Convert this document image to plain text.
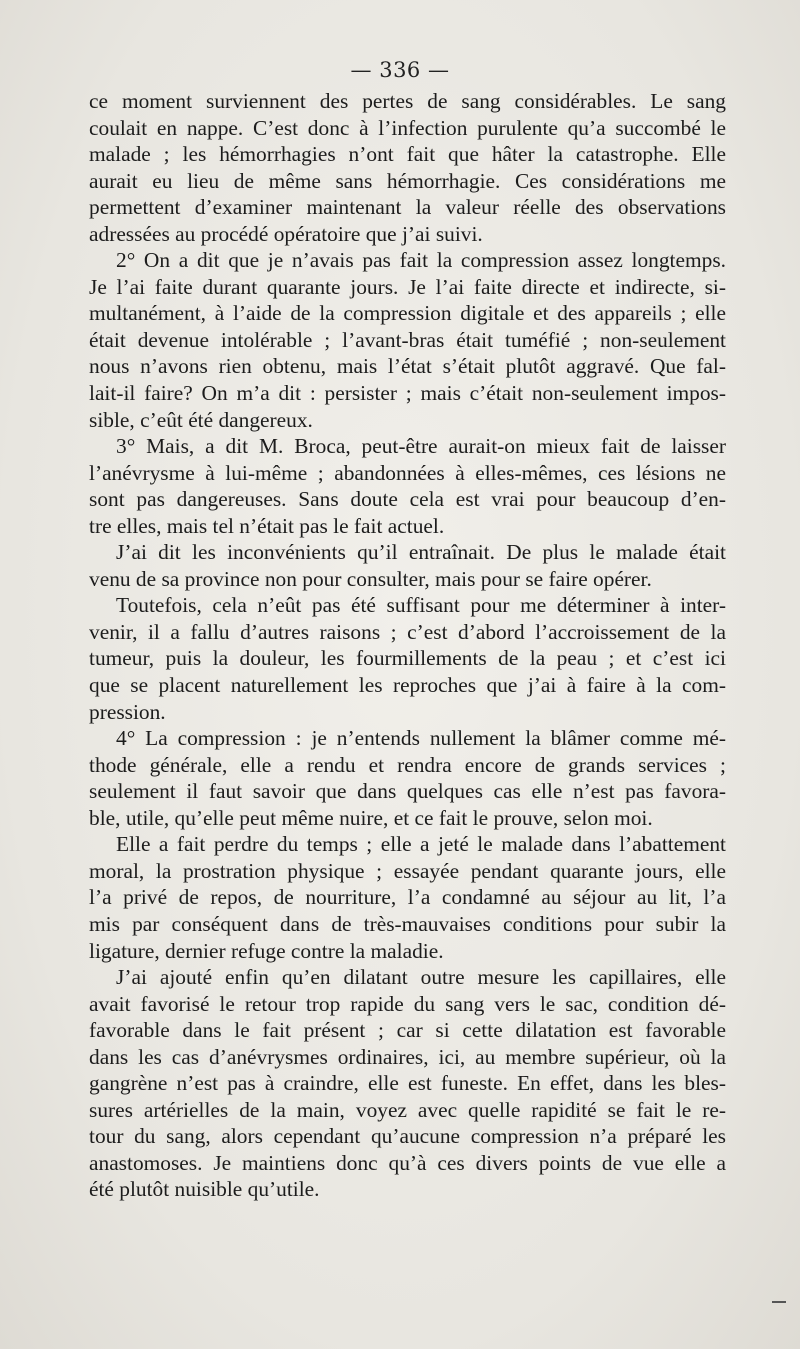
— 336 —
ce moment surviennent des pertes de sang considérables. Le sang
coulait en nappe. C’est donc à l’infection purulente qu’a succombé le
malade ; les hémorrhagies n’ont fait que hâter la catastrophe. Elle
aurait eu lieu de même sans hémorrhagie. Ces considérations me
permettent d’examiner maintenant la valeur réelle des observations
adressées au procédé opératoire que j’ai suivi.
2° On a dit que je n’avais pas fait la compression assez longtemps.
Je l’ai faite durant quarante jours. Je l’ai faite directe et indirecte, si-
multanément, à l’aide de la compression digitale et des appareils ; elle
était devenue intolérable ; l’avant-bras était tuméfié ; non-seulement
nous n’avons rien obtenu, mais l’état s’était plutôt aggravé. Que fal-
lait-il faire? On m’a dit : persister ; mais c’était non-seulement impos-
sible, c’eût été dangereux.
3° Mais, a dit M. Broca, peut-être aurait-on mieux fait de laisser
l’anévrysme à lui-même ; abandonnées à elles-mêmes, ces lésions ne
sont pas dangereuses. Sans doute cela est vrai pour beaucoup d’en-
tre elles, mais tel n’était pas le fait actuel.
J’ai dit les inconvénients qu’il entraînait. De plus le malade était
venu de sa province non pour consulter, mais pour se faire opérer.
Toutefois, cela n’eût pas été suffisant pour me déterminer à inter-
venir, il a fallu d’autres raisons ; c’est d’abord l’accroissement de la
tumeur, puis la douleur, les fourmillements de la peau ; et c’est ici
que se placent naturellement les reproches que j’ai à faire à la com-
pression.
4° La compression : je n’entends nullement la blâmer comme mé-
thode générale, elle a rendu et rendra encore de grands services ;
seulement il faut savoir que dans quelques cas elle n’est pas favora-
ble, utile, qu’elle peut même nuire, et ce fait le prouve, selon moi.
Elle a fait perdre du temps ; elle a jeté le malade dans l’abattement
moral, la prostration physique ; essayée pendant quarante jours, elle
l’a privé de repos, de nourriture, l’a condamné au séjour au lit, l’a
mis par conséquent dans de très-mauvaises conditions pour subir la
ligature, dernier refuge contre la maladie.
J’ai ajouté enfin qu’en dilatant outre mesure les capillaires, elle
avait favorisé le retour trop rapide du sang vers le sac, condition dé-
favorable dans le fait présent ; car si cette dilatation est favorable
dans les cas d’anévrysmes ordinaires, ici, au membre supérieur, où la
gangrène n’est pas à craindre, elle est funeste. En effet, dans les bles-
sures artérielles de la main, voyez avec quelle rapidité se fait le re-
tour du sang, alors cependant qu’aucune compression n’a préparé les
anastomoses. Je maintiens donc qu’à ces divers points de vue elle a
été plutôt nuisible qu’utile.
